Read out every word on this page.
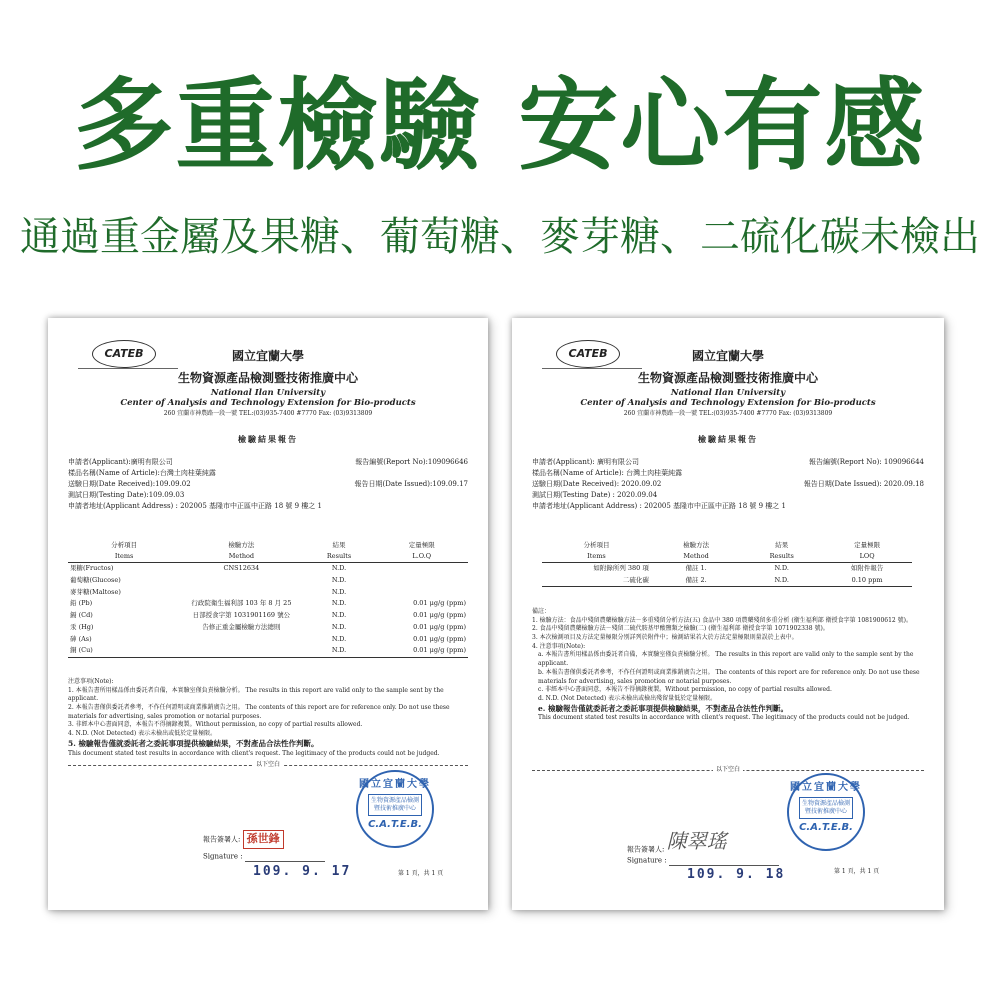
多重檢驗 安心有感
通過重金屬及果糖、葡萄糖、麥芽糖、二硫化碳未檢出
CATEB	國立宜蘭大學
生物資源產品檢測暨技術推廣中心
National Ilan University
Center of Analysis and Technology Extension for Bio-products
260 宜蘭市神農路一段一號 TEL:(03)935-7400 #7770 Fax: (03)9313809
檢驗結果報告
申請者(Applicant):廣明有限公司	報告編號(Report No):109096646
樣品名稱(Name of Article):台灣土肉桂葉純露
送驗日期(Date Received):109.09.02	報告日期(Date Issued):109.09.17
測試日期(Testing Date):109.09.03
申請者地址(Applicant Address) : 202005 基隆市中正區中正路 18 號 9 樓之 1
分析項目	檢驗方法	結果	定量極限
Items	Method	Results	L.O.Q
果糖(Fructos)	CNS12634	N.D.	
葡萄糖(Glucose)		N.D.	
麥芽糖(Maltose)		N.D.	
鉛 (Pb)	行政院衛生福利部 103 年 8 月 25	N.D.	0.01 μg/g (ppm)
鎘 (Cd)	日部授食字第 1031901169 號公	N.D.	0.01 μg/g (ppm)
汞 (Hg)	告修正重金屬檢驗方法總則	N.D.	0.01 μg/g (ppm)
砷 (As)		N.D.	0.01 μg/g (ppm)
銅 (Cu)		N.D.	0.01 μg/g (ppm)
注意事項(Note):
1. 本報告書所用樣品係由委託者自備，本實驗室僅負責檢驗分析。 The results in this report are valid only to the sample sent by the applicant.
2. 本報告書僅供委託者參考，不作任何證明或商業推銷廣告之用。 The contents of this report are for reference only. Do not use these materials for advertising, sales promotion or notarial purposes.
3. 非經本中心書面同意，本報告不得摘錄複製。Without permission, no copy of partial results allowed.
4. N.D. (Not Detected) 表示未檢出或低於定量極限。
5. 檢驗報告僅就委託者之委託事項提供檢驗結果，不對產品合法性作判斷。
This document stated test results in accordance with client's request. The legitimacy of the products could not be judged.
以下空白
國立宜蘭大學
生物資源產品檢測暨技術推廣中心
C.A.T.E.B.
報告簽署人: 孫世鋒
Signature :
109. 9. 17	第 1 頁，共 1 頁
CATEB	國立宜蘭大學
生物資源產品檢測暨技術推廣中心
National Ilan University
Center of Analysis and Technology Extension for Bio-products
260 宜蘭市神農路一段一號 TEL:(03)935-7400 #7770 Fax: (03)9313809
檢驗結果報告
申請者(Applicant): 廣明有限公司	報告編號(Report No): 109096644
樣品名稱(Name of Article): 台灣土肉桂葉純露
送驗日期(Date Received): 2020.09.02	報告日期(Date Issued): 2020.09.18
測試日期(Testing Date) : 2020.09.04
申請者地址(Applicant Address) : 202005 基隆市中正區中正路 18 號 9 樓之 1
分析項目	檢驗方法	結果	定量極限
Items	Method	Results	LOQ
如附錄所列 380 項	備註 1.	N.D.	如附件報告
二硫化碳	備註 2.	N.D.	0.10 ppm
備註：
1. 檢驗方法：食品中殘留農藥檢驗方法－多重殘留分析方法(五) 食品中 380 項農藥殘留多重分析 (衛生福利部 衛授食字第 1081900612 號)。
2. 食品中殘留農藥檢驗方法－殘留二硫代胺基甲酸鹽類之檢驗(二) (衛生福利部 衛授食字第 1071902338 號)。
3. 本次檢測項目及方法定量極限分別詳列於附件中；檢測結果若大於方法定量極限則量誤於上表中。
4. 注意事項(Note):
a. 本報告書所用樣品係由委託者自備，本實驗室僅負責檢驗分析。 The results in this report are valid only to the sample sent by the applicant.
b. 本報告書僅供委託者參考，不作任何證明或商業推銷廣告之用。 The contents of this report are for reference only. Do not use these materials for advertising, sales promotion or notarial purposes.
c. 非經本中心書面同意，本報告不得摘錄複製。Without permission, no copy of partial results allowed.
d. N.D. (Not Detected) 表示未檢出或檢出殘留量低於定量極限。
e. 檢驗報告僅就委託者之委託事項提供檢驗結果，不對產品合法性作判斷。
This document stated test results in accordance with client's request. The legitimacy of the products could not be judged.
以下空白
國立宜蘭大學
生物資源產品檢測暨技術推廣中心
C.A.T.E.B.
報告簽署人: 陳翠瑤
Signature :
109. 9. 18	第 1 頁，共 1 頁
